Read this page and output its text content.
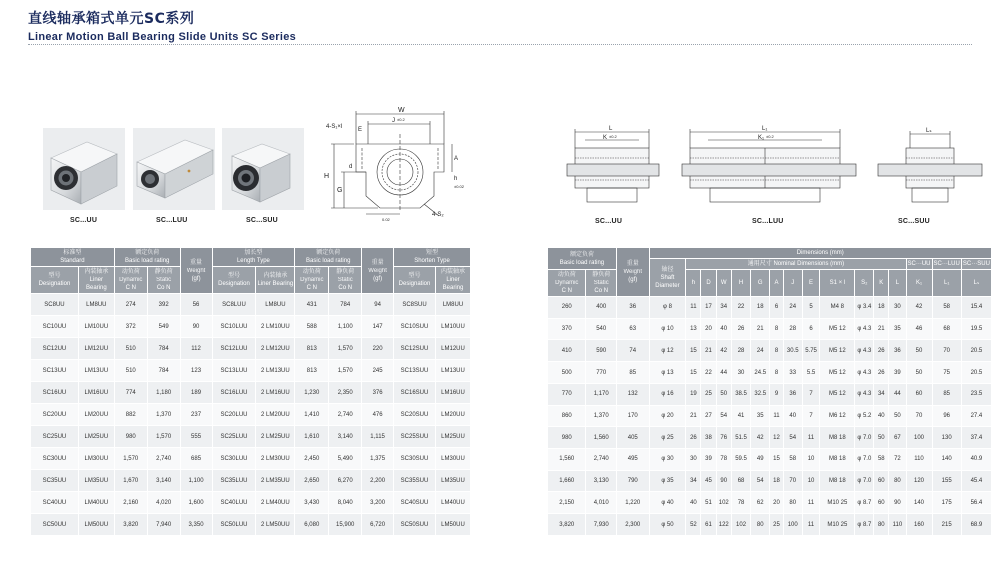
直线轴承箱式单元SC系列
Linear Motion Ball Bearing Slide Units SC Series
SC...UU	SC...LUU	SC...SUU
W
J ±0.2
E
4-S₁×l
H
G
A
4-S₂
0.02
d
h
±0.02
L
K ±0.2
L₁
K₁ ±0.2
Lₛ
SC...UU	SC...LUU	SC...SUU
标准型
Standard		额定负荷
Basic load rating		重量
Weight
(gf)	加长型
Length Type		额定负荷
Basic load rating		重量
Weight
(gf)	短型
Shorten Type	

型号
Designation	内装轴承
Liner Bearing	动负荷
Dynamic
C N	静负荷
Static
Co N		型号
Designation	内装轴承
Liner Bearing	动负荷
Dynamic
C N	静负荷
Static
Co N		型号
Designation	内装轴承
Liner Bearing
SC8UU	LM8UU	274	392	56	SC8LUU	LM8UU	431	784	94	SC8SUU	LM8UU
SC10UU	LM10UU	372	549	90	SC10LUU	2 LM10UU	588	1,100	147	SC10SUU	LM10UU
SC12UU	LM12UU	510	784	112	SC12LUU	2 LM12UU	813	1,570	220	SC12SUU	LM12UU
SC13UU	LM13UU	510	784	123	SC13LUU	2 LM13UU	813	1,570	245	SC13SUU	LM13UU
SC16UU	LM16UU	774	1,180	189	SC16LUU	2 LM16UU	1,230	2,350	376	SC16SUU	LM16UU
SC20UU	LM20UU	882	1,370	237	SC20LUU	2 LM20UU	1,410	2,740	476	SC20SUU	LM20UU
SC25UU	LM25UU	980	1,570	555	SC25LUU	2 LM25UU	1,610	3,140	1,115	SC25SUU	LM25UU
SC30UU	LM30UU	1,570	2,740	685	SC30LUU	2 LM30UU	2,450	5,490	1,375	SC30SUU	LM30UU
SC35UU	LM35UU	1,670	3,140	1,100	SC35LUU	2 LM35UU	2,650	6,270	2,200	SC35SUU	LM35UU
SC40UU	LM40UU	2,160	4,020	1,600	SC40LUU	2 LM40UU	3,430	8,040	3,200	SC40SUU	LM40UU
SC50UU	LM50UU	3,820	7,940	3,350	SC50LUU	2 LM50UU	6,080	15,900	6,720	SC50SUU	LM50UU
额定负荷
Basic load rating		重量
Weight
(gf)	Dimensions (mm)															

			轴径
Shaft Diameter	通用尺寸 Nominal Dimensions (mm)												SC···UU	SC···LUU	SC···SUU

动负荷
Dynamic
C N	静负荷
Static
Co N			h	D	W	H	G	A	J	E	S1 × l	S₂	K	L	K₁	L₁	Lₛ
260	400	36	φ 8	11	17	34	22	18	6	24	5	M4 8	φ 3.4	18	30	42	58	15.4
370	540	63	φ 10	13	20	40	26	21	8	28	6	M5 12	φ 4.3	21	35	46	68	19.5
410	590	74	φ 12	15	21	42	28	24	8	30.5	5.75	M5 12	φ 4.3	26	36	50	70	20.5
500	770	85	φ 13	15	22	44	30	24.5	8	33	5.5	M5 12	φ 4.3	26	39	50	75	20.5
770	1,170	132	φ 16	19	25	50	38.5	32.5	9	36	7	M5 12	φ 4.3	34	44	60	85	23.5
860	1,370	170	φ 20	21	27	54	41	35	11	40	7	M6 12	φ 5.2	40	50	70	96	27.4
980	1,560	405	φ 25	26	38	76	51.5	42	12	54	11	M8 18	φ 7.0	50	67	100	130	37.4
1,560	2,740	495	φ 30	30	39	78	59.5	49	15	58	10	M8 18	φ 7.0	58	72	110	140	40.9
1,660	3,130	790	φ 35	34	45	90	68	54	18	70	10	M8 18	φ 7.0	60	80	120	155	45.4
2,150	4,010	1,220	φ 40	40	51	102	78	62	20	80	11	M10 25	φ 8.7	60	90	140	175	56.4
3,820	7,930	2,300	φ 50	52	61	122	102	80	25	100	11	M10 25	φ 8.7	80	110	160	215	68.9
